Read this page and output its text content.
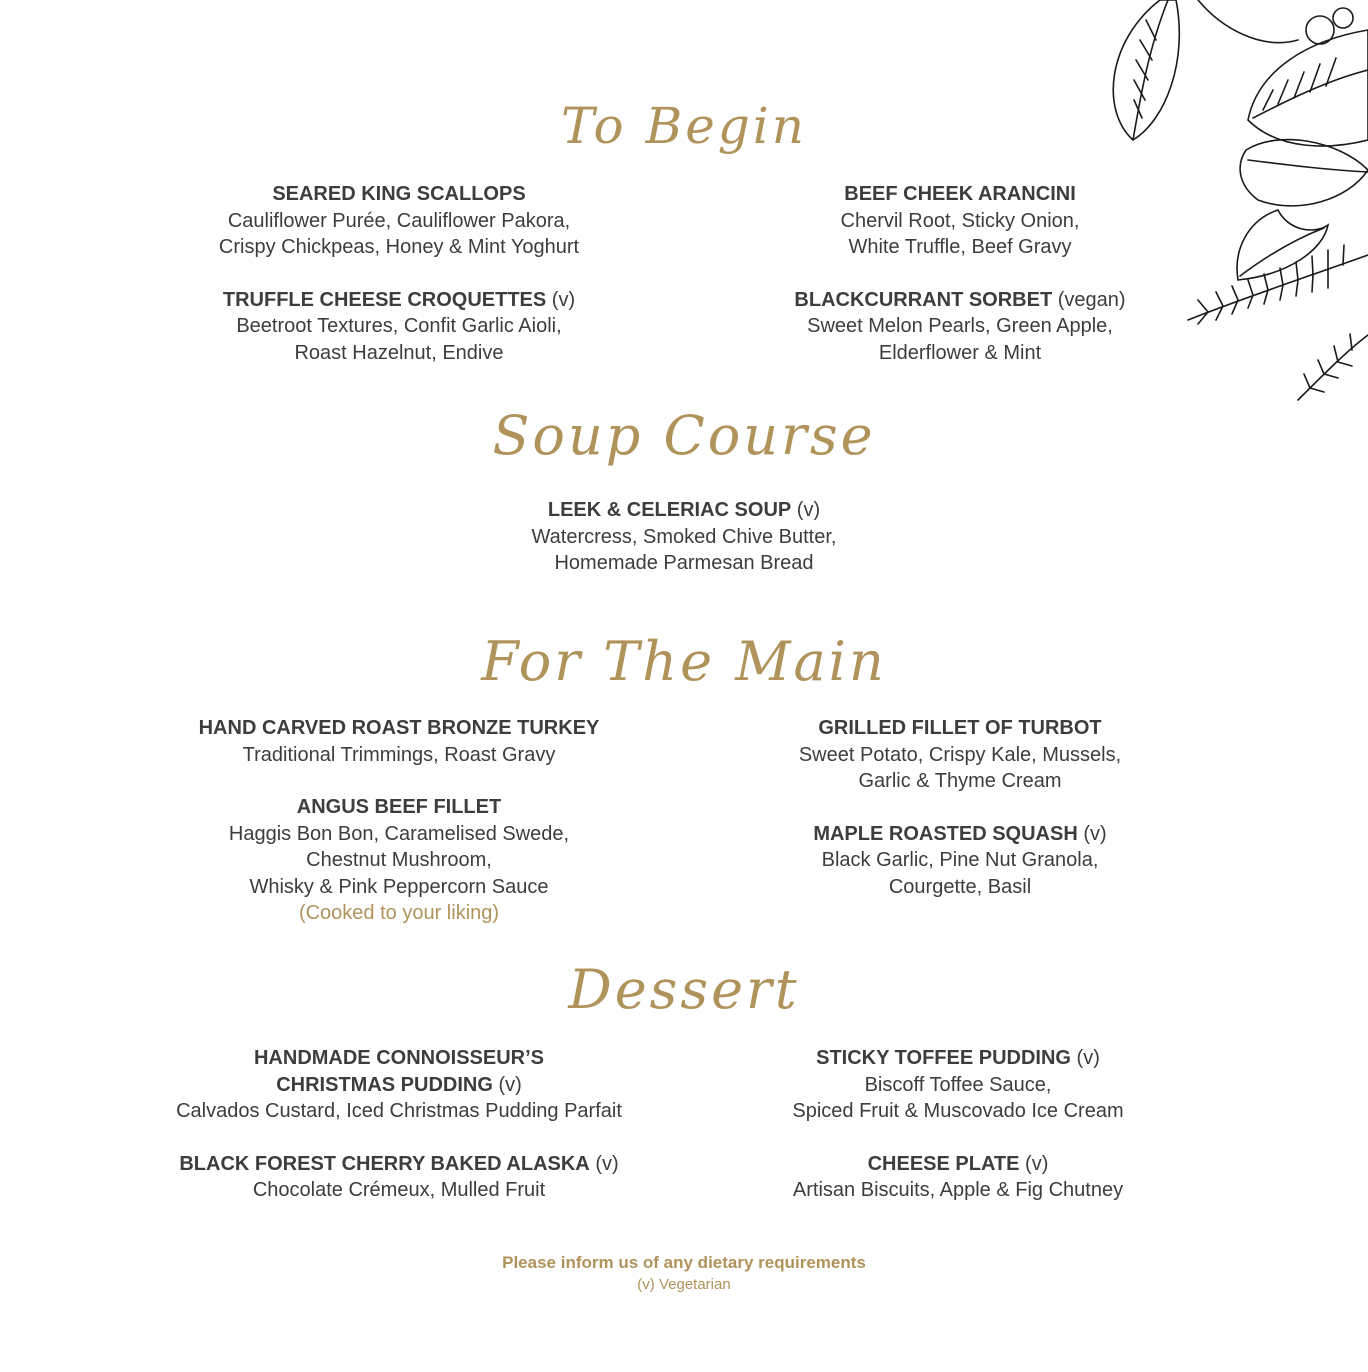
To Begin
SEARED KING SCALLOPS
Cauliflower Purée, Cauliflower Pakora,
Crispy Chickpeas, Honey & Mint Yoghurt
TRUFFLE CHEESE CROQUETTES (v)
Beetroot Textures, Confit Garlic Aioli,
Roast Hazelnut, Endive
BEEF CHEEK ARANCINI
Chervil Root, Sticky Onion,
White Truffle, Beef Gravy
BLACKCURRANT SORBET (vegan)
Sweet Melon Pearls, Green Apple,
Elderflower & Mint
Soup Course
LEEK & CELERIAC SOUP (v)
Watercress, Smoked Chive Butter,
Homemade Parmesan Bread
For The Main
HAND CARVED ROAST BRONZE TURKEY
Traditional Trimmings, Roast Gravy
ANGUS BEEF FILLET
Haggis Bon Bon, Caramelised Swede,
Chestnut Mushroom,
Whisky & Pink Peppercorn Sauce
(Cooked to your liking)
GRILLED FILLET OF TURBOT
Sweet Potato, Crispy Kale, Mussels,
Garlic & Thyme Cream
MAPLE ROASTED SQUASH (v)
Black Garlic, Pine Nut Granola,
Courgette, Basil
Dessert
HANDMADE CONNOISSEUR’S
CHRISTMAS PUDDING (v)
Calvados Custard, Iced Christmas Pudding Parfait
BLACK FOREST CHERRY BAKED ALASKA (v)
Chocolate Crémeux, Mulled Fruit
STICKY TOFFEE PUDDING (v)
Biscoff Toffee Sauce,
Spiced Fruit & Muscovado Ice Cream
CHEESE PLATE (v)
Artisan Biscuits, Apple & Fig Chutney
Please inform us of any dietary requirements
(v) Vegetarian
